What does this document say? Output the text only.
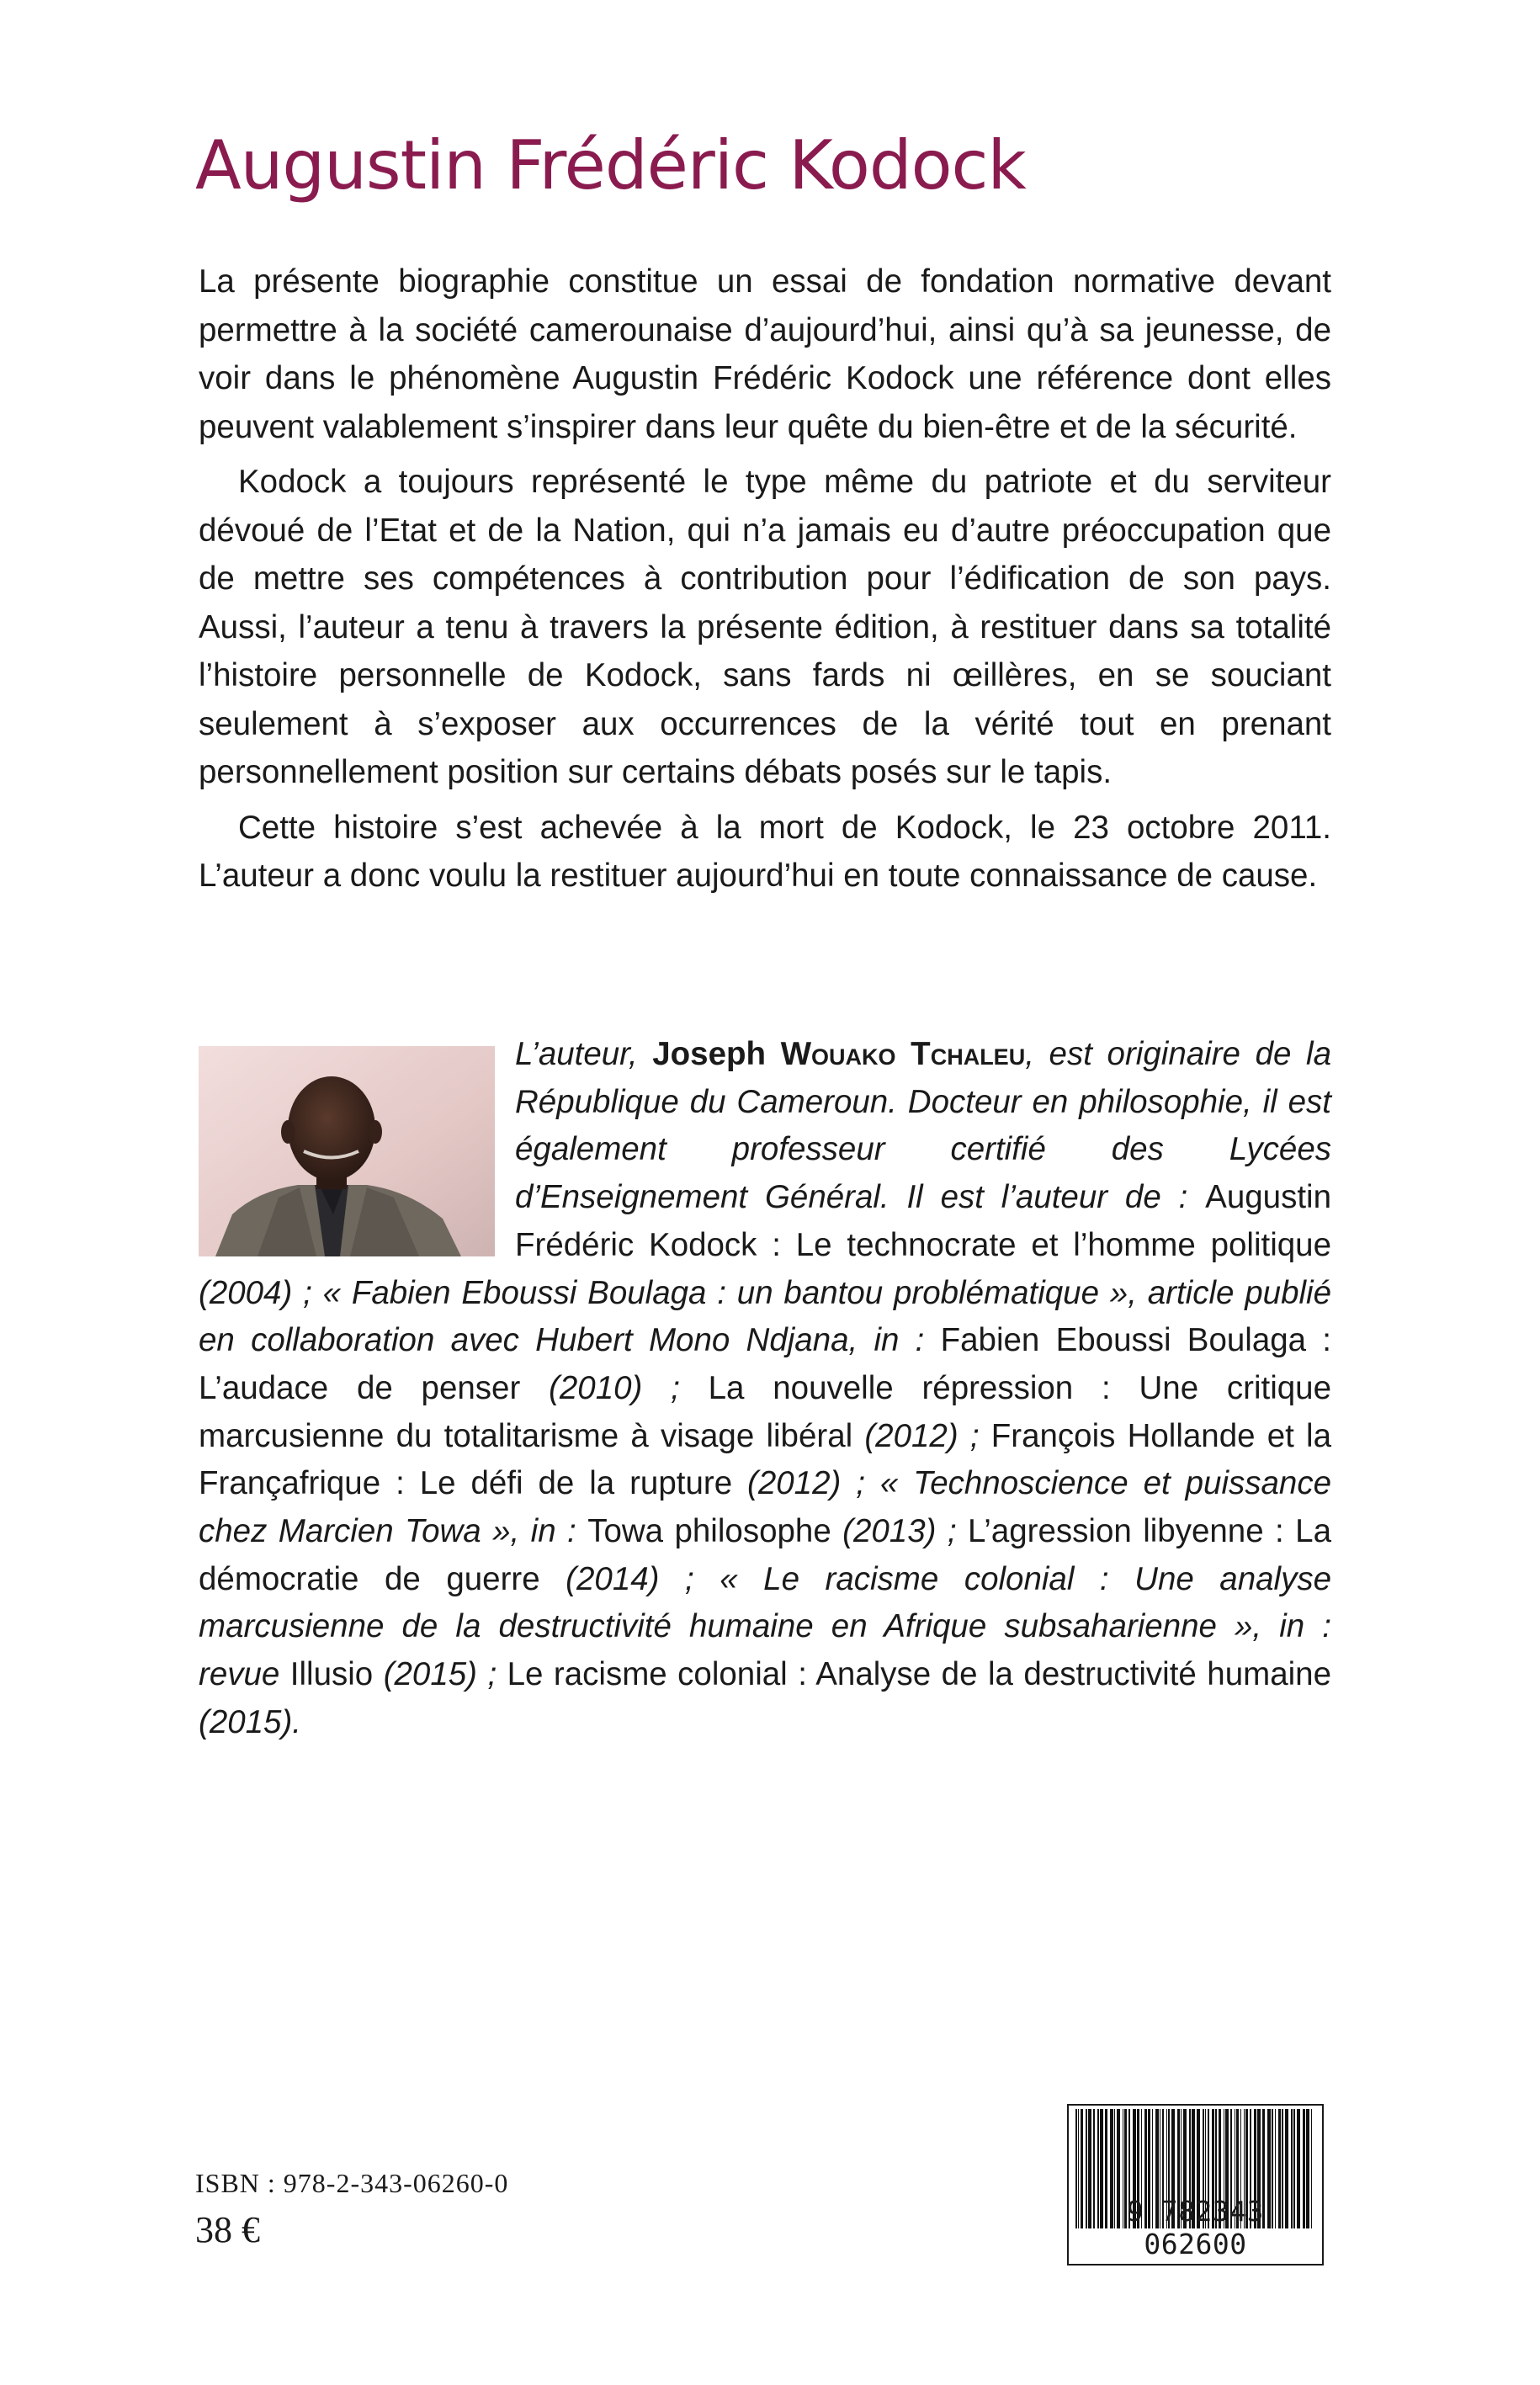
Augustin Frédéric Kodock

La présente biographie constitue un essai de fondation normative devant permettre à la société camerounaise d’aujourd’hui, ainsi qu’à sa jeunesse, de voir dans le phénomène Augustin Frédéric Kodock une référence dont elles peuvent valablement s’inspirer dans leur quête du bien-être et de la sécurité.

Kodock a toujours représenté le type même du patriote et du serviteur dévoué de l’Etat et de la Nation, qui n’a jamais eu d’autre préoccupation que de mettre ses compétences à contribution pour l’édification de son pays. Aussi, l’auteur a tenu à travers la présente édition, à restituer dans sa totalité l’histoire personnelle de Kodock, sans fards ni œillères, en se souciant seulement à s’exposer aux occurrences de la vérité tout en prenant personnellement position sur certains débats posés sur le tapis.

Cette histoire s’est achevée à la mort de Kodock, le 23 octobre 2011. L’auteur a donc voulu la restituer aujourd’hui en toute connaissance de cause.

L’auteur, Joseph Wouako Tchaleu, est originaire de la République du Cameroun. Docteur en philosophie, il est également professeur certifié des Lycées d’Enseignement Général. Il est l’auteur de : Augustin Frédéric Kodock : Le technocrate et l’homme politique (2004) ; « Fabien Eboussi Boulaga : un bantou problématique », article publié en collaboration avec Hubert Mono Ndjana, in : Fabien Eboussi Boulaga : L’audace de penser (2010) ; La nouvelle répression : Une critique marcusienne du totalitarisme à visage libéral (2012) ; François Hollande et la Françafrique : Le défi de la rupture (2012) ; « Technoscience et puissance chez Marcien Towa », in : Towa philosophe (2013) ; L’agression libyenne : La démocratie de guerre (2014) ; « Le racisme colonial : Une analyse marcusienne de la destructivité humaine en Afrique subsaharienne », in : revue Illusio (2015) ; Le racisme colonial : Analyse de la destructivité humaine (2015).

ISBN : 978-2-343-06260-0

38 €	9 782343 062600
